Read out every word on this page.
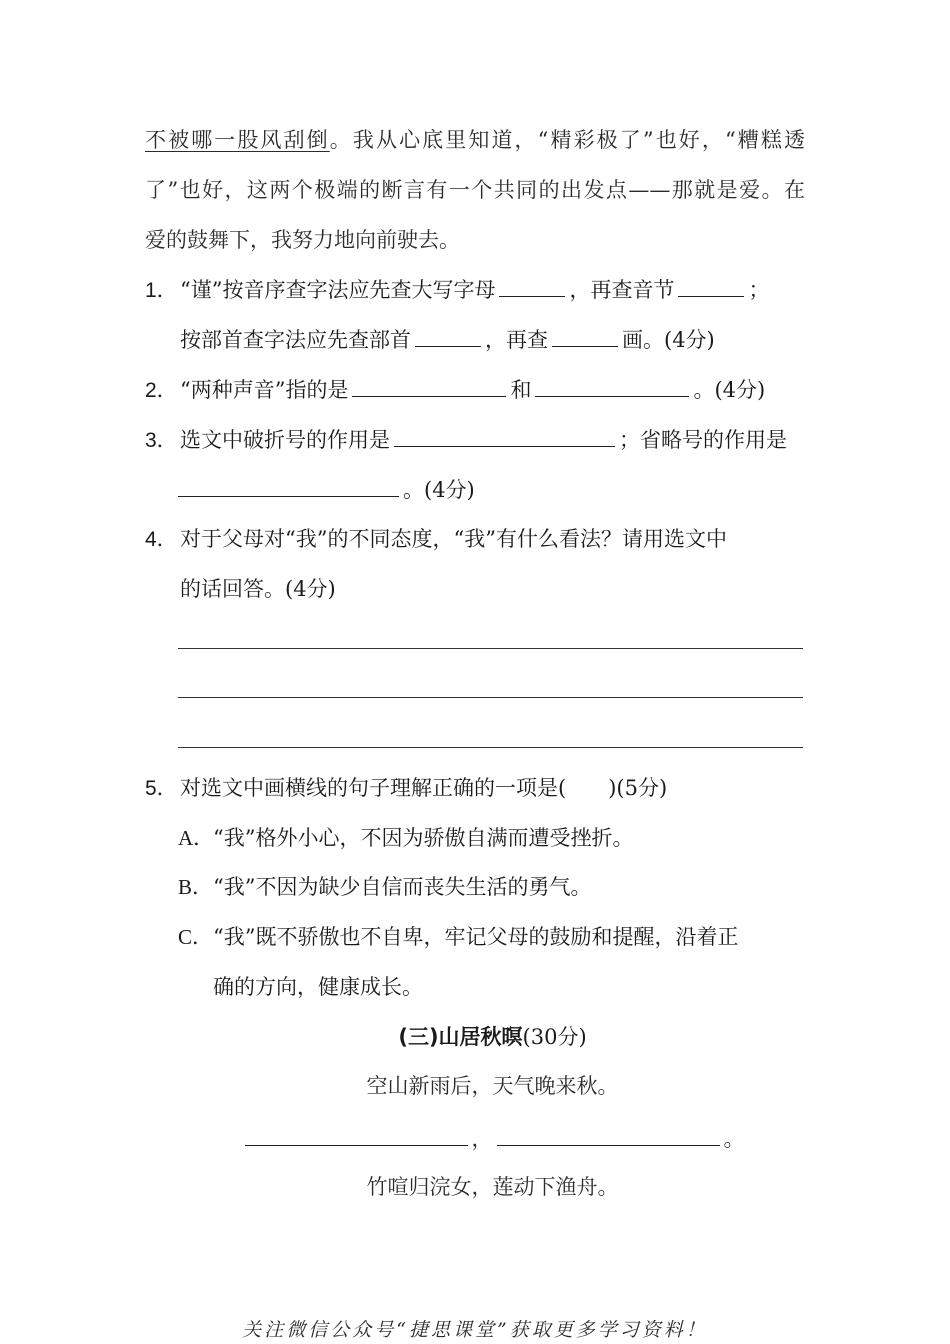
不被哪一股风刮倒。我从心底里知道，“精彩极了”也好，“糟糕透
了”也好，这两个极端的断言有一个共同的出发点——那就是爱。在
爱的鼓舞下，我努力地向前驶去。
1． “谨”按音序查字法应先查大写字母	，再查音节	；
按部首查字法应先查部首	，再查	画。(4分)
2． “两种声音”指的是	和	。(4分)
3． 选文中破折号的作用是	；省略号的作用是
。(4分)
4． 对于父母对“我”的不同态度，“我”有什么看法？请用选文中
的话回答。(4分)
5． 对选文中画横线的句子理解正确的一项是(　　)(5分)
A．“我”格外小心，不因为骄傲自满而遭受挫折。
B．“我”不因为缺少自信而丧失生活的勇气。
C．“我”既不骄傲也不自卑，牢记父母的鼓励和提醒，沿着正
确的方向，健康成长。
(三)山居秋暝(30分)
空山新雨后，天气晚来秋。
，	。
竹喧归浣女，莲动下渔舟。
关注微信公众号“捷思课堂”获取更多学习资料！
